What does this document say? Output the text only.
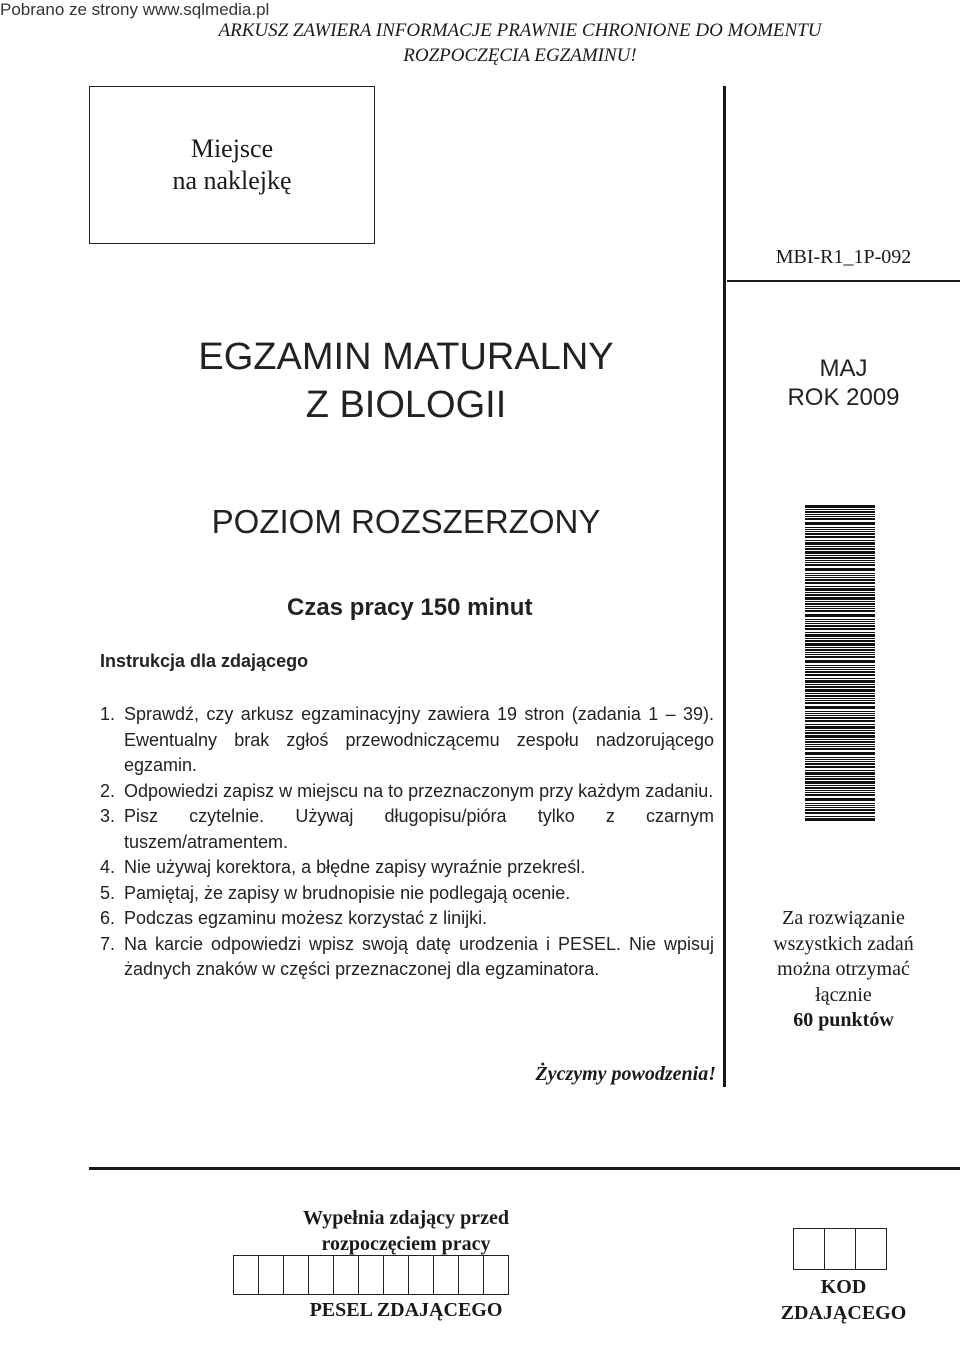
Pobrano ze strony www.sqlmedia.pl
ARKUSZ ZAWIERA INFORMACJE PRAWNIE CHRONIONE DO MOMENTU
ROZPOCZĘCIA EGZAMINU!
Miejsce
na naklejkę
MBI-R1_1P-092
EGZAMIN MATURALNY
Z BIOLOGII
MAJ
ROK 2009
POZIOM ROZSZERZONY
Czas pracy 150 minut
Instrukcja dla zdającego
1. Sprawdź, czy arkusz egzaminacyjny zawiera 19 stron (zadania 1 – 39). Ewentualny brak zgłoś przewodniczącemu zespołu nadzorującego egzamin.
2. Odpowiedzi zapisz w miejscu na to przeznaczonym przy każdym zadaniu.
3. Pisz czytelnie. Używaj długopisu/pióra tylko z czarnym tuszem/atramentem.
4. Nie używaj korektora, a błędne zapisy wyraźnie przekreśl.
5. Pamiętaj, że zapisy w brudnopisie nie podlegają ocenie.
6. Podczas egzaminu możesz korzystać z linijki.
7. Na karcie odpowiedzi wpisz swoją datę urodzenia i PESEL. Nie wpisuj żadnych znaków w części przeznaczonej dla egzaminatora.
Za rozwiązanie
wszystkich zadań
można otrzymać
łącznie
60 punktów
Życzymy powodzenia!
Wypełnia zdający przed
rozpoczęciem pracy
PESEL ZDAJĄCEGO
KOD
ZDAJĄCEGO
